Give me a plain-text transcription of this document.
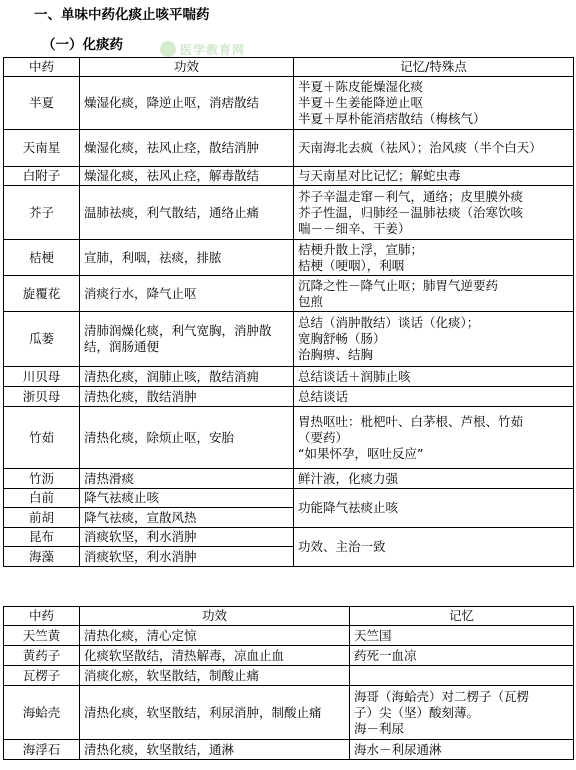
一、单味中药化痰止咳平喘药
（一）化痰药	医学教育网
中药	功效	记忆/特殊点
半夏	燥湿化痰，降逆止呕，消痞散结	半夏＋陈皮能燥湿化痰
半夏＋生姜能降逆止呕
半夏＋厚朴能消痞散结（梅核气）

天南星	燥湿化痰，祛风止痉，散结消肿	天南海北去疯（祛风）；治风痰（半个白天）

白附子	燥湿化痰，祛风止痉，解毒散结	与天南星对比记忆；解蛇虫毒

芥子	温肺祛痰，利气散结，通络止痛	芥子辛温走窜－利气，通络；皮里膜外痰
芥子性温，归肺经－温肺祛痰（治寒饮咳
喘－－细辛、干姜）

桔梗	宣肺，利咽，祛痰，排脓	桔梗升散上浮，宣肺；
桔梗（哽咽），利咽

旋覆花	消痰行水，降气止呕	沉降之性－降气止呕；肺胃气逆要药
包煎

瓜蒌	清肺润燥化痰，利气宽胸，消肿散结，润肠通便	总结（消肿散结）谈话（化痰）；
宽胸舒畅（肠）
治胸痹、结胸

川贝母	清热化痰，润肺止咳，散结消痈	总结谈话＋润肺止咳

浙贝母	清热化痰，散结消肿	总结谈话

竹茹	清热化痰，除烦止呕，安胎	胃热呕吐：枇杷叶、白茅根、芦根、竹茹
（要药）
“如果怀孕，呕吐反应”

竹沥	清热滑痰	鲜汁液，化痰力强

白前	降气祛痰止咳	功能降气祛痰止咳
前胡	降气祛痰，宣散风热	
昆布	消痰软坚，利水消肿	功效、主治一致
海藻	消痰软坚，利水消肿	
中药	功效	记忆
天竺黄	清热化痰，清心定惊	天竺国

黄药子	化痰软坚散结，清热解毒，凉血止血	药死一血凉

瓦楞子	消痰化瘀，软坚散结，制酸止痛	

海蛤壳	清热化痰，软坚散结，利尿消肿，制酸止痛	海哥（海蛤壳）对二楞子（瓦楞
子）尖（坚）酸刻薄。
海－利尿

海浮石	清热化痰，软坚散结，通淋	海水－利尿通淋
